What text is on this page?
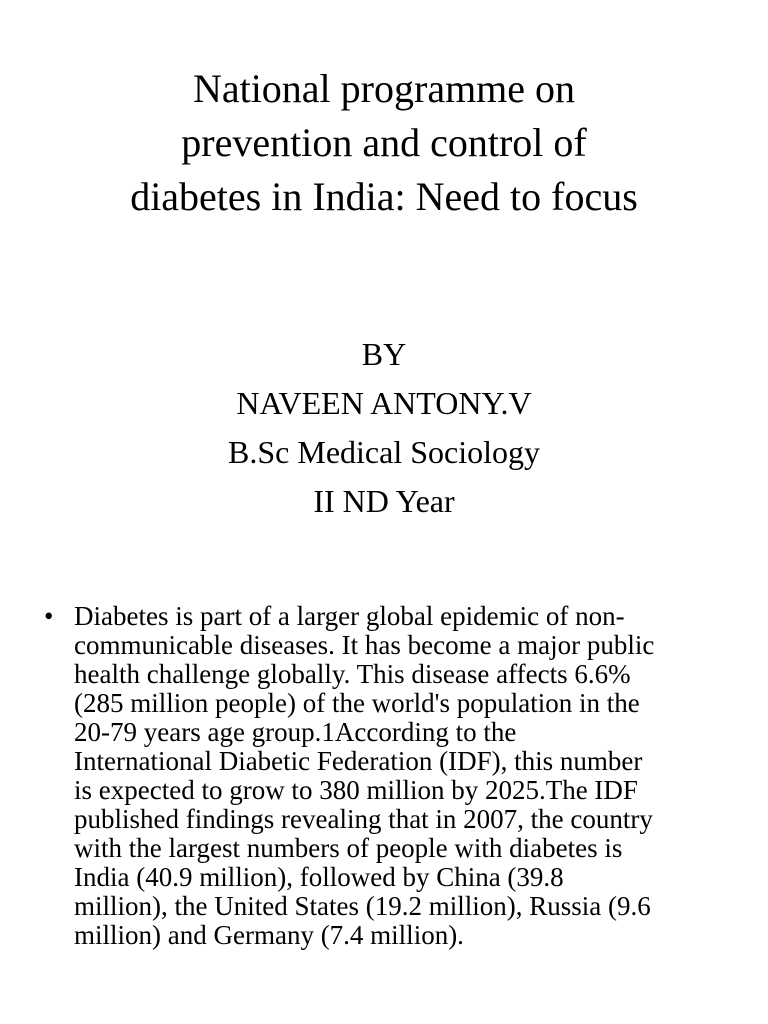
National programme on
prevention and control of
diabetes in India: Need to focus
BY
NAVEEN ANTONY.V
B.Sc Medical Sociology
II ND Year
• Diabetes is part of a larger global epidemic of non-
communicable diseases. It has become a major public
health challenge globally. This disease affects 6.6%
(285 million people) of the world's population in the
20-79 years age group.1According to the
International Diabetic Federation (IDF), this number
is expected to grow to 380 million by 2025.The IDF
published findings revealing that in 2007, the country
with the largest numbers of people with diabetes is
India (40.9 million), followed by China (39.8
million), the United States (19.2 million), Russia (9.6
million) and Germany (7.4 million).
